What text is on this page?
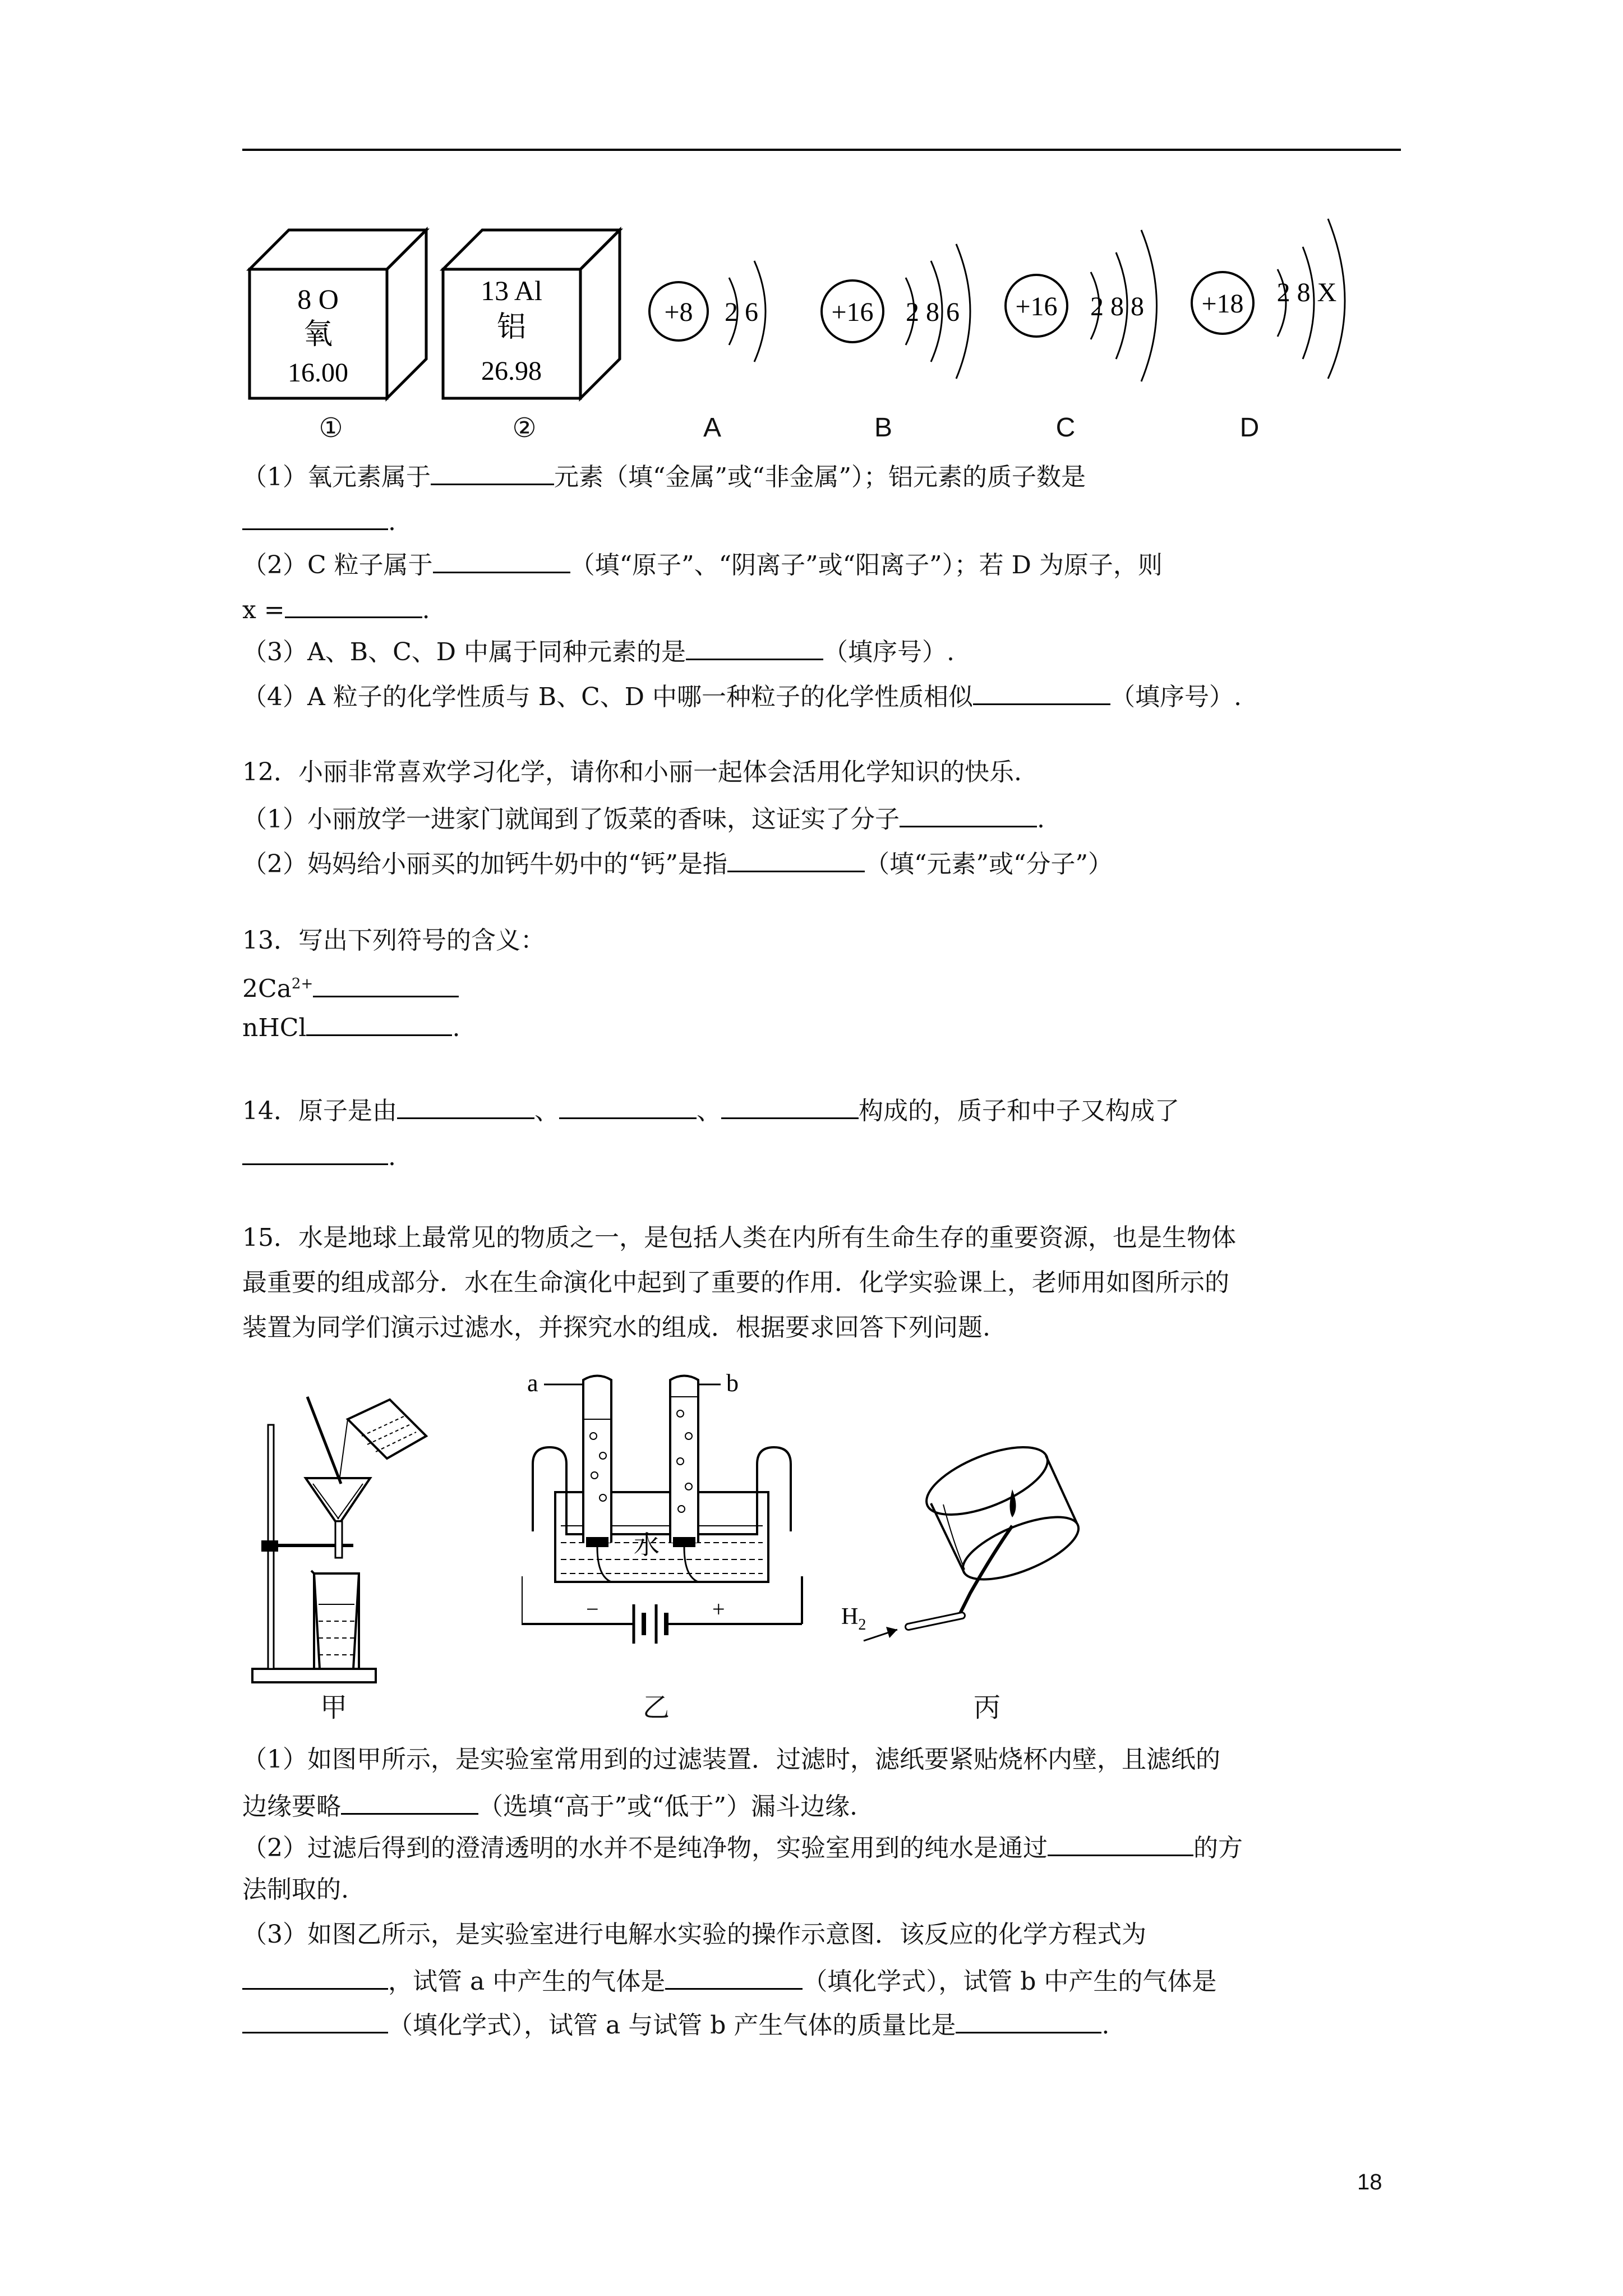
8 O
氧
16.00
13 Al
铝
26.98
+8 2 6	+16 2 8 6 +16 2 8 8 +18 2 8 X
①	②	A	B	C	D
（1）氧元素属于	元素（填“金属”或“非金属”）；铝元素的质子数是
.
（2）C 粒子属于	（填“原子”、“阴离子”或“阳离子”）；若 D 为原子，则
x =	.
（3）A、B、C、D 中属于同种元素的是	（填序号）.
（4）A 粒子的化学性质与 B、C、D 中哪一种粒子的化学性质相似	（填序号）.
12．小丽非常喜欢学习化学，请你和小丽一起体会活用化学知识的快乐.
（1）小丽放学一进家门就闻到了饭菜的香味，这证实了分子	.
（2）妈妈给小丽买的加钙牛奶中的“钙”是指	（填“元素”或“分子”）
13．写出下列符号的含义：
$2Ca^{2+}$
nHCl	.
14．原子是由	、	、	构成的，质子和中子又构成了
.
15．水是地球上最常见的物质之一，是包括人类在内所有生命生存的重要资源，也是生物体
最重要的组成部分．水在生命演化中起到了重要的作用．化学实验课上，老师用如图所示的
装置为同学们演示过滤水，并探究水的组成．根据要求回答下列问题.
a	b
水
−	+	$H_2$
甲	乙	丙
（1）如图甲所示，是实验室常用到的过滤装置．过滤时，滤纸要紧贴烧杯内壁，且滤纸的
边缘要略	（选填“高于”或“低于”）漏斗边缘.
（2）过滤后得到的澄清透明的水并不是纯净物，实验室用到的纯水是通过	的方
法制取的.
（3）如图乙所示，是实验室进行电解水实验的操作示意图．该反应的化学方程式为
，试管 a 中产生的气体是	（填化学式），试管 b 中产生的气体是
（填化学式），试管 a 与试管 b 产生气体的质量比是	.
18
